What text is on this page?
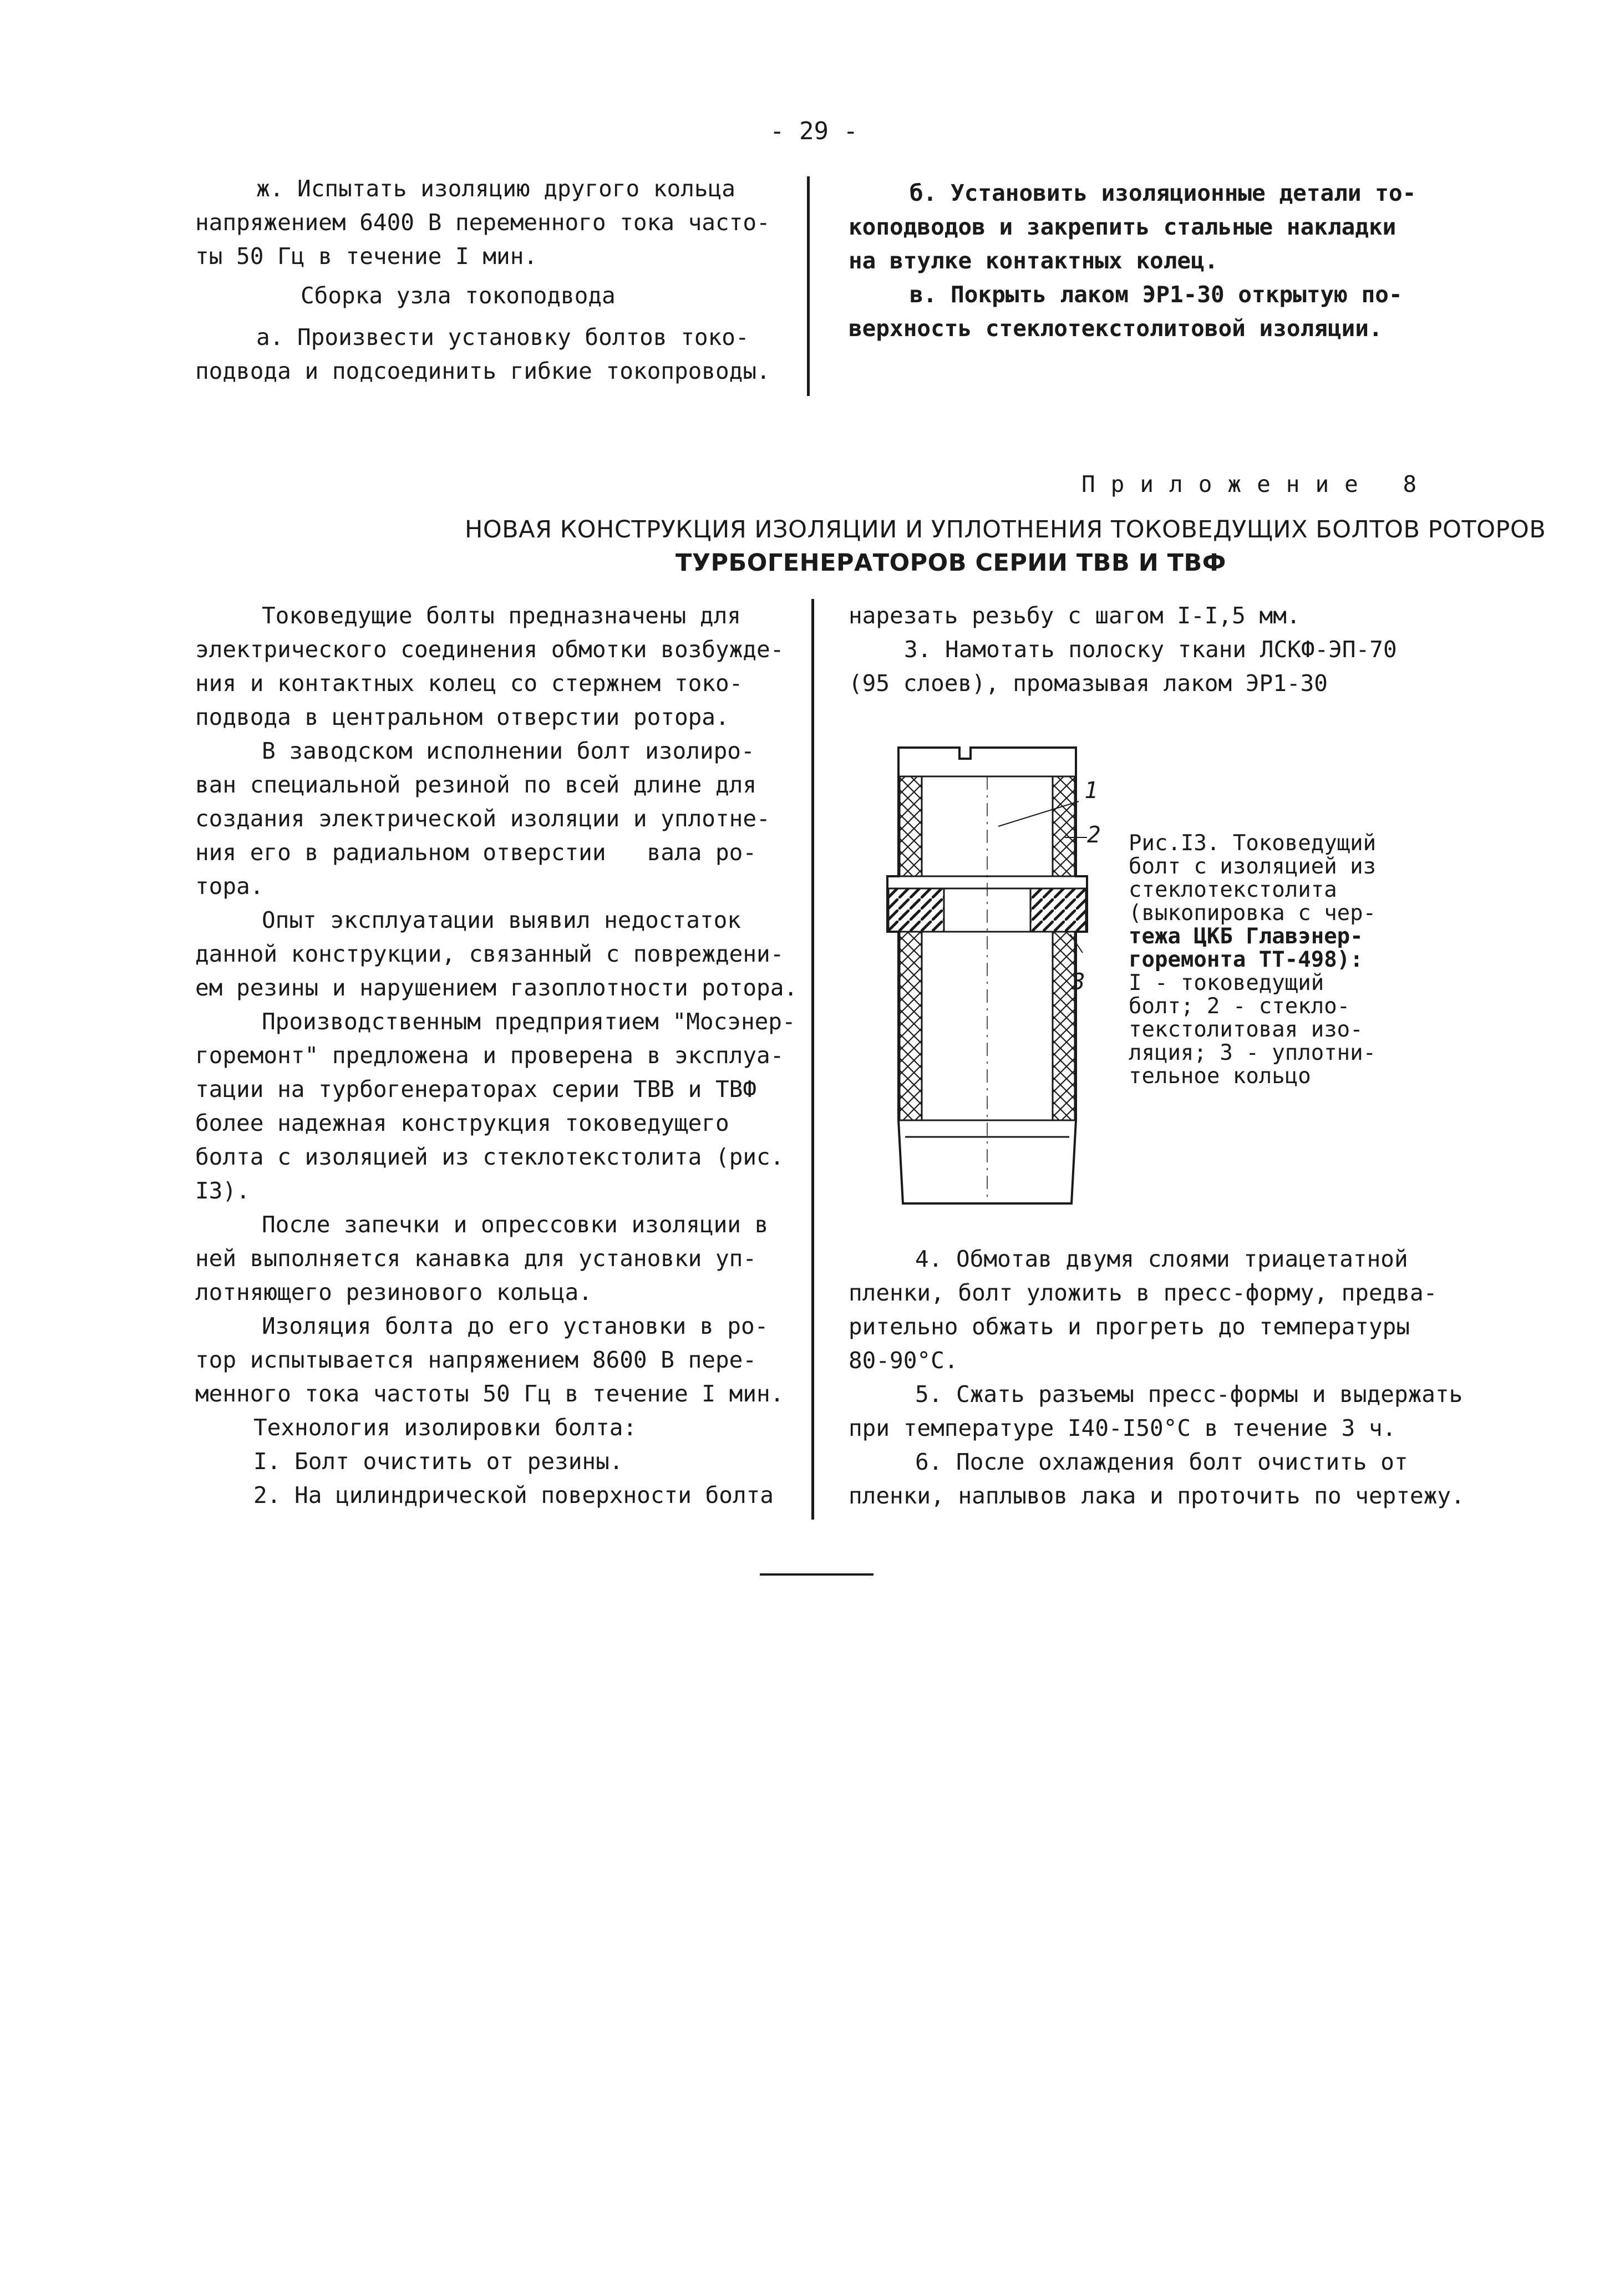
- 29 -
ж. Испытать изоляцию другого кольца
напряжением 6400 В переменного тока часто-
ты 50 Гц в течение I мин.
Сборка узла токоподвода
а. Произвести установку болтов токо-
подвода и подсоединить гибкие токопроводы.
б. Установить изоляционные детали то-
коподводов и закрепить стальные накладки
на втулке контактных колец.
в. Покрыть лаком ЭР1-30 открытую по-
верхность стеклотекстолитовой изоляции.
Приложение 8
НОВАЯ КОНСТРУКЦИЯ ИЗОЛЯЦИИ И УПЛОТНЕНИЯ ТОКОВЕДУЩИХ БОЛТОВ РОТОРОВ
ТУРБОГЕНЕРАТОРОВ СЕРИИ ТВВ И ТВФ
Токоведущие болты предназначены для
электрического соединения обмотки возбужде-
ния и контактных колец со стержнем токо-
подвода в центральном отверстии ротора.
В заводском исполнении болт изолиро-
ван специальной резиной по всей длине для
создания электрической изоляции и уплотне-
ния его в радиальном отверстии   вала ро-
тора.
Опыт эксплуатации выявил недостаток
данной конструкции, связанный с повреждени-
ем резины и нарушением газоплотности ротора.
Производственным предприятием "Мосэнер-
горемонт" предложена и проверена в эксплуа-
тации на турбогенераторах серии ТВВ и ТВФ
более надежная конструкция токоведущего
болта с изоляцией из стеклотекстолита (рис.
I3).
После запечки и опрессовки изоляции в
ней выполняется канавка для установки уп-
лотняющего резинового кольца.
Изоляция болта до его установки в ро-
тор испытывается напряжением 8600 В пере-
менного тока частоты 50 Гц в течение I мин.
Технология изолировки болта:
I. Болт очистить от резины.
2. На цилиндрической поверхности болта
нарезать резьбу с шагом I-I,5 мм.
3. Намотать полоску ткани ЛСКФ-ЭП-70
(95 слоев), промазывая лаком ЭР1-30
1
2
3
Рис.I3. Токоведущий
болт с изоляцией из
стеклотекстолита
(выкопировка с чер-
тежа ЦКБ Главэнер-
горемонта ТТ-498):
I - токоведущий
болт; 2 - стекло-
текстолитовая изо-
ляция; 3 - уплотни-
тельное кольцо
4. Обмотав двумя слоями триацетатной
пленки, болт уложить в пресс-форму, предва-
рительно обжать и прогреть до температуры
80-90°С.
5. Сжать разъемы пресс-формы и выдержать
при температуре I40-I50°С в течение 3 ч.
6. После охлаждения болт очистить от
пленки, наплывов лака и проточить по чертежу.
